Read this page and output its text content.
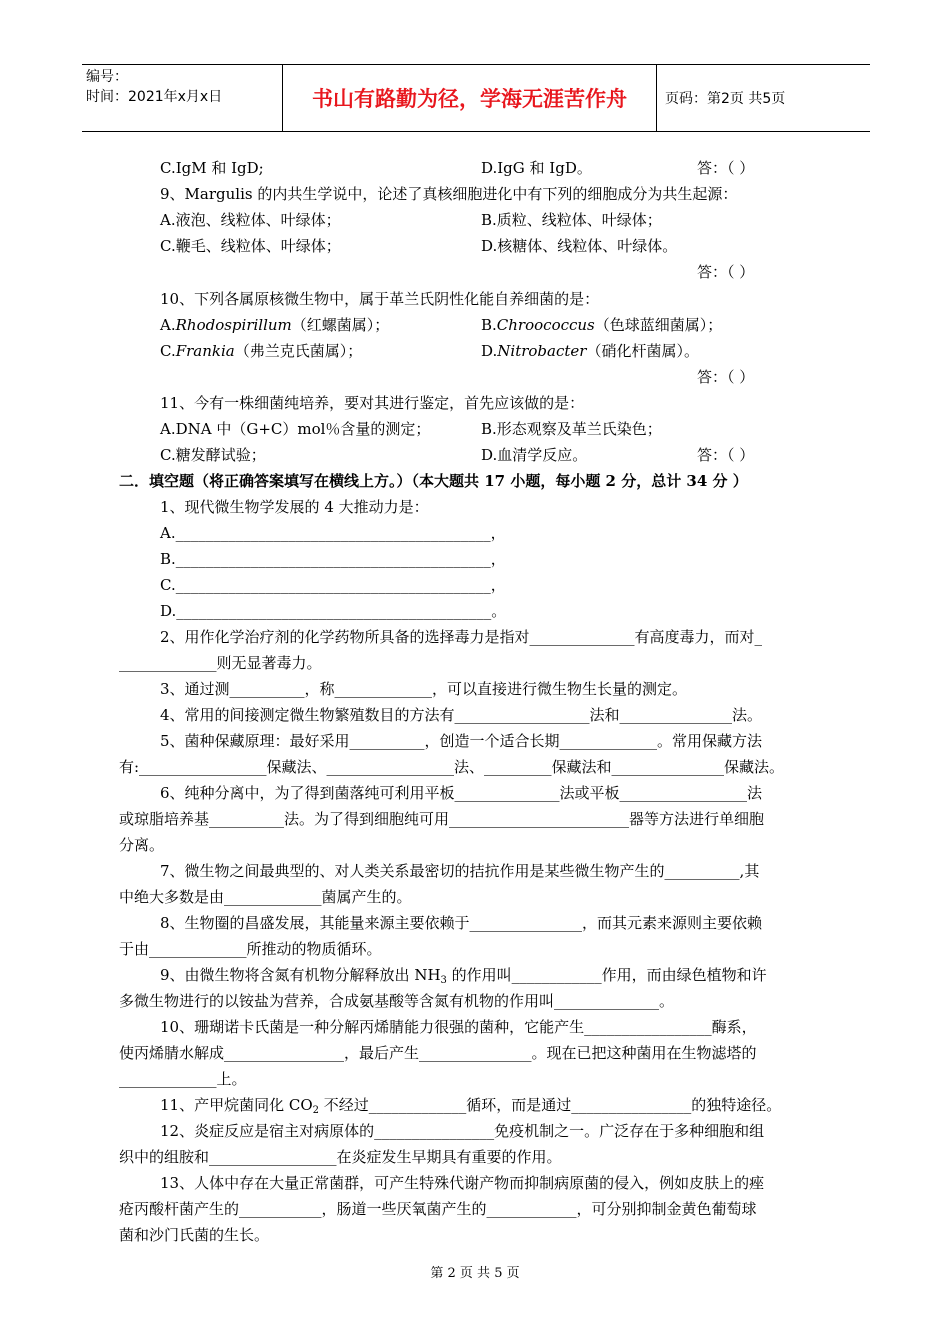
编号：
时间：2021年x月x日	书山有路勤为径，学海无涯苦作舟	页码：第2页 共5页
C.IgM 和 IgD;	D.IgG 和 IgD。	答：（ ）
9、Margulis 的内共生学说中，论述了真核细胞进化中有下列的细胞成分为共生起源：
A.液泡、线粒体、叶绿体；	B.质粒、线粒体、叶绿体；
C.鞭毛、线粒体、叶绿体；	D.核糖体、线粒体、叶绿体。
答：（ ）
10、下列各属原核微生物中，属于革兰氏阴性化能自养细菌的是：
A.Rhodospirillum（红螺菌属）；	B.Chroococcus（色球蓝细菌属）；
C.Frankia（弗兰克氏菌属）；	D.Nitrobacter（硝化杆菌属）。
答：（ ）
11、今有一株细菌纯培养，要对其进行鉴定，首先应该做的是：
A.DNA 中（G+C）mol％含量的测定；	B.形态观察及革兰氏染色；
C.糖发酵试验；	D.血清学反应。	答：（ ）
二．填空题（将正确答案填写在横线上方。）（本大题共 17 小题，每小题 2 分，总计 34 分 ）
1、现代微生物学发展的 4 大推动力是：
A.__________________________________________，
B.__________________________________________，
C.__________________________________________，
D.__________________________________________。
2、用作化学治疗剂的化学药物所具备的选择毒力是指对______________有高度毒力，而对_
_____________则无显著毒力。
3、通过测__________，称_____________，可以直接进行微生物生长量的测定。
4、常用的间接测定微生物繁殖数目的方法有__________________法和_______________法。
5、菌种保藏原理：最好采用__________，创造一个适合长期_____________。常用保藏方法
有:_________________保藏法、_________________法、_________保藏法和_______________保藏法。
6、纯种分离中，为了得到菌落纯可利用平板______________法或平板_________________法
或琼脂培养基__________法。为了得到细胞纯可用________________________器等方法进行单细胞
分离。
7、微生物之间最典型的、对人类关系最密切的拮抗作用是某些微生物产生的__________,其
中绝大多数是由_____________菌属产生的。
8、生物圈的昌盛发展，其能量来源主要依赖于_______________，而其元素来源则主要依赖
于由_____________所推动的物质循环。
9、由微生物将含氮有机物分解释放出 $NH_3$ 的作用叫____________作用，而由绿色植物和许
多微生物进行的以铵盐为营养，合成氨基酸等含氮有机物的作用叫______________。
10、珊瑚诺卡氏菌是一种分解丙烯腈能力很强的菌种，它能产生_________________酶系，
使丙烯腈水解成________________，最后产生_______________。现在已把这种菌用在生物滤塔的
_____________上。
11、产甲烷菌同化 $CO_2$ 不经过_____________循环，而是通过________________的独特途径。
12、炎症反应是宿主对病原体的________________免疫机制之一。广泛存在于多种细胞和组
织中的组胺和_________________在炎症发生早期具有重要的作用。
13、人体中存在大量正常菌群，可产生特殊代谢产物而抑制病原菌的侵入，例如皮肤上的痤
疮丙酸杆菌产生的___________，肠道一些厌氧菌产生的____________，可分别抑制金黄色葡萄球
菌和沙门氏菌的生长。
第 2 页 共 5 页
